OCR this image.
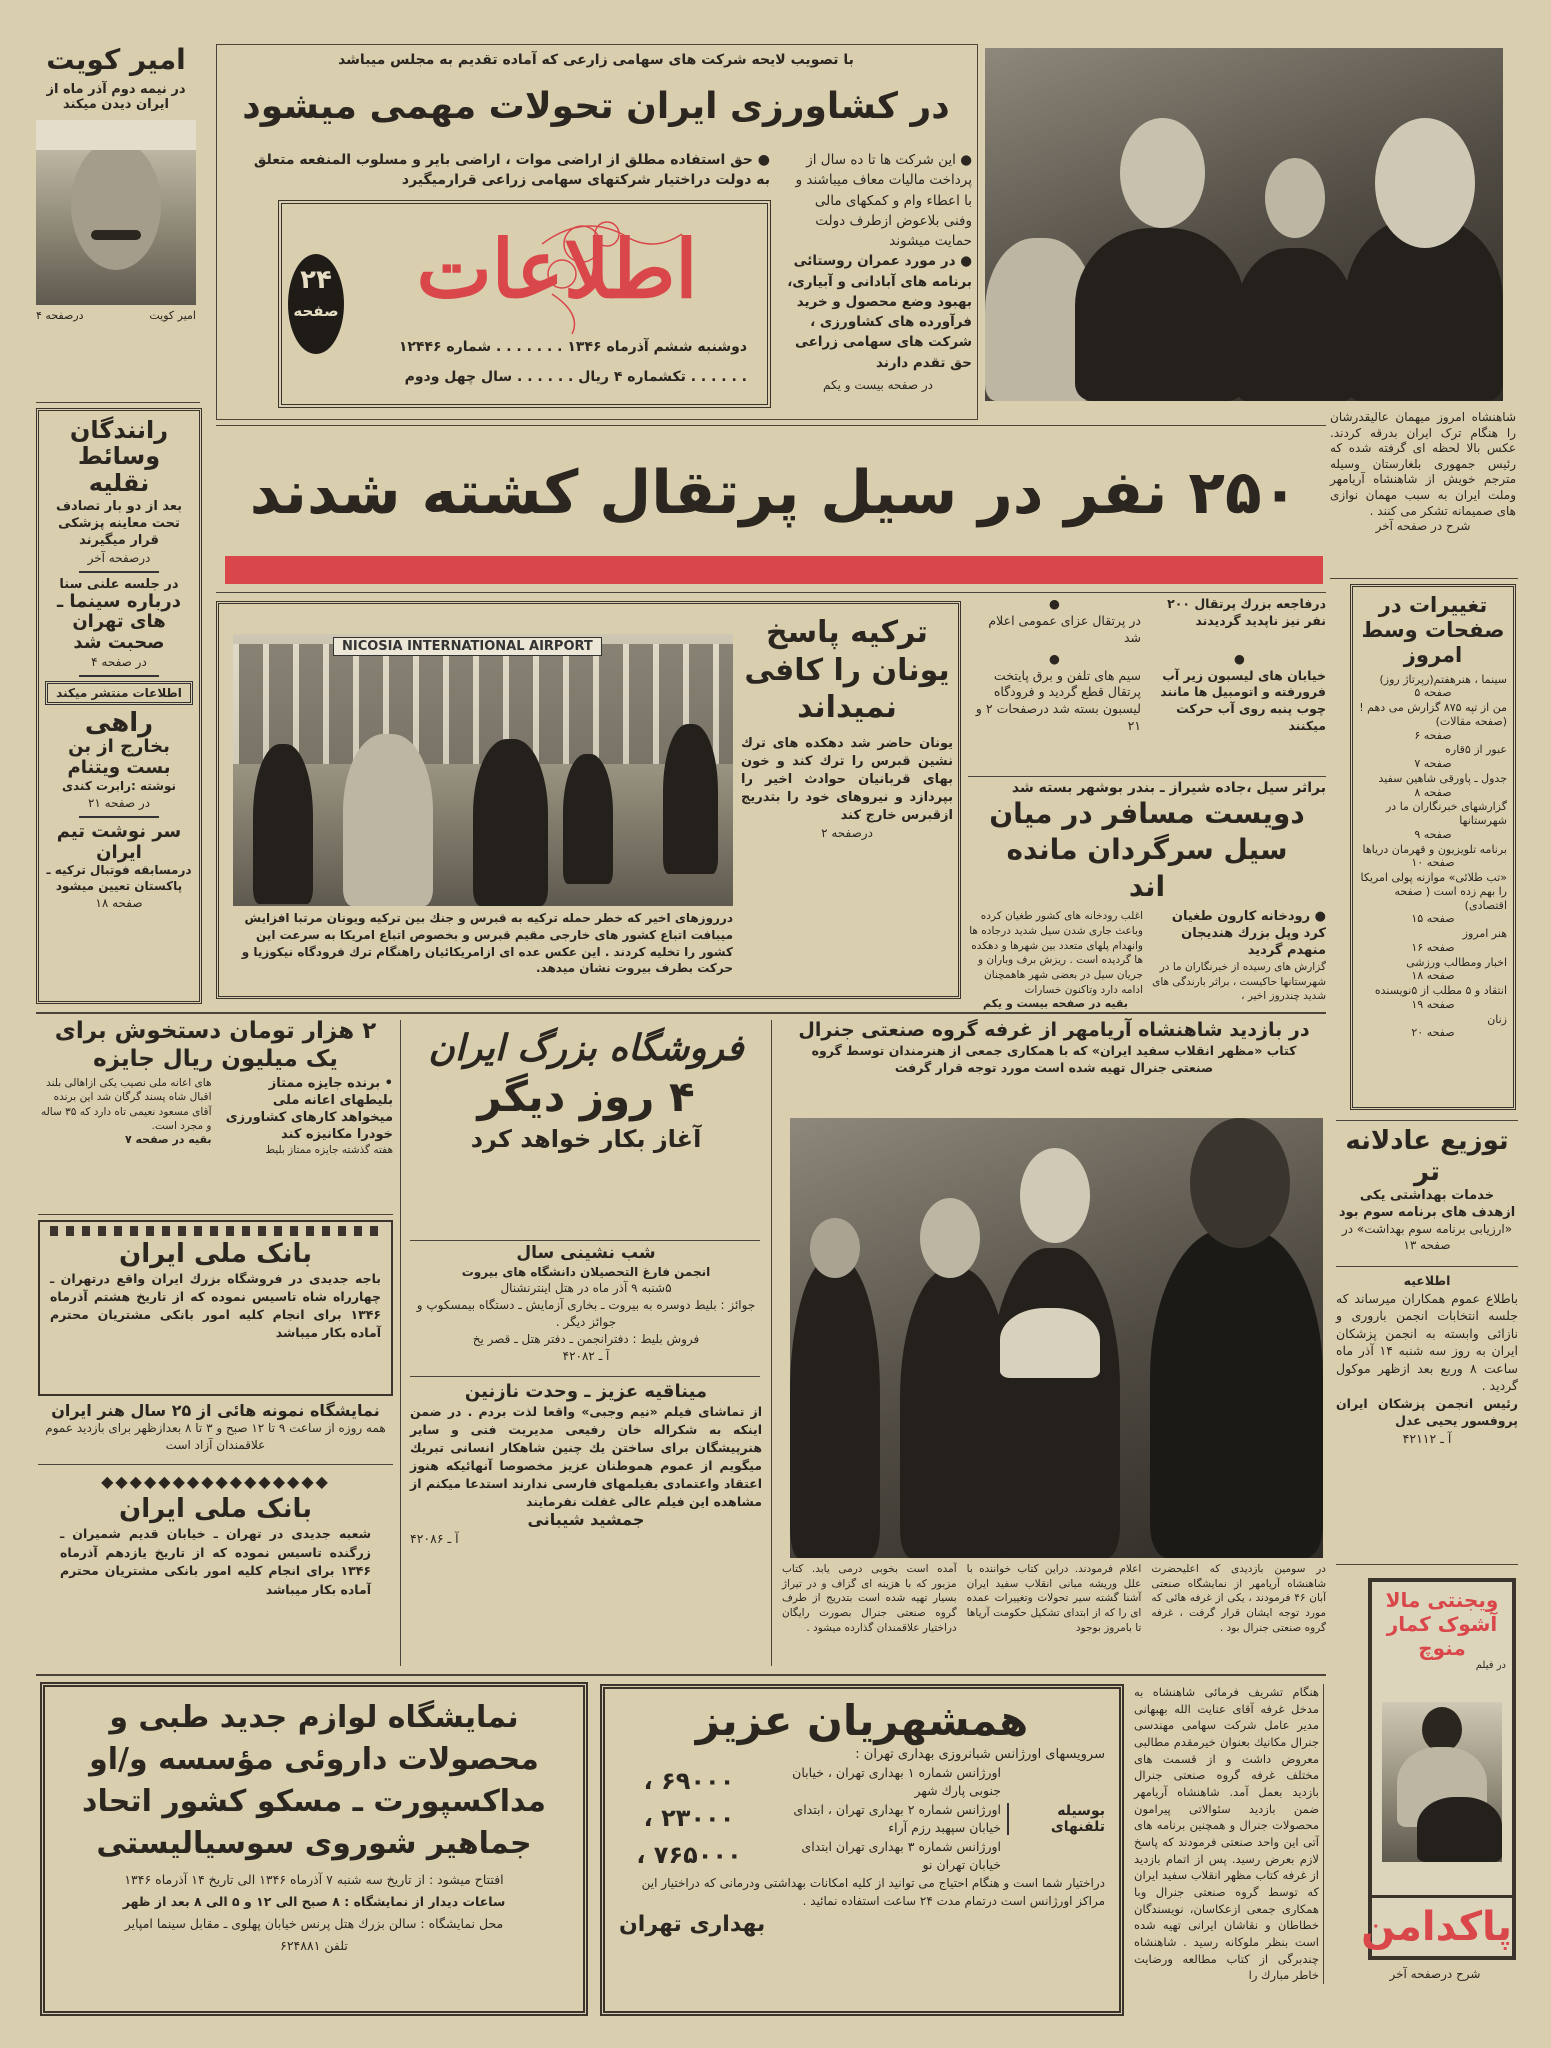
امیر کویت
در نیمه دوم آذر ماه از ایران دیدن میکند
امیر کویت
درصفحه ۴
رانندگان وسائط نقلیه
بعد از دو بار تصادف تحت معاینه پزشکی قرار میگیرند
درصفحه آخر
در جلسه علنی سنا
درباره سینما ـ های تهران صحبت شد
در صفحه ۴
اطلاعات منتشر میکند
راهی
بخارج از بن بست ویتنام
نوشته :رابرت کندی
در صفحه ۲۱
سر نوشت تیم ایران
درمسابقه فوتبال ترکیه ـ پاکستان تعیین میشود
صفحه ۱۸
با تصویب لایحه شرکت های سهامی زارعی که آماده تقدیم به مجلس میباشد
در کشاورزی ایران تحولات مهمی میشود
● حق استفاده مطلق از اراضی موات ، اراضی بایر و مسلوب المنفعه متعلق به دولت دراختیار شرکتهای سهامی زراعی قرارمیگیرد
● این شرکت ها تا ده سال از پرداخت مالیات معاف میباشند و با اعطاء وام و کمکهای مالی وفنی بلاعوض ازطرف دولت حمایت میشوند
● در مورد عمران روستائی برنامه های آبادانی و آبیاری، بهبود وضع محصول و خرید فرآورده های کشاورزی ، شرکت های سهامی زراعی حق تقدم دارند
در صفحه بیست و یکم
۲۴
صفحه اطلاعات
دوشنبه ششم آذرماه ۱۳۴۶ . . . . . . . شماره ۱۲۴۴۶
. . . . . . تکشماره ۴ ریال . . . . . . سال چهل ودوم
شاهنشاه امروز میهمان عالیقدرشان را هنگام ترک ایران بدرقه کردند. عکس بالا لحظه ای گرفته شده که رئیس جمهوری بلغارستان وسیله مترجم خویش از شاهنشاه آریامهر وملت ایران به سبب مهمان نوازی های صمیمانه تشکر می کنند .
شرح در صفحه آخر
۲۵۰ نفر در سیل پرتقال کشته شدند
NICOSIA INTERNATIONAL AIRPORT
درروزهای اخیر که خطر حمله ترکیه به قبرس و جنك بین ترکیه ویونان مرتبا افزایش میبافت اتباع کشور های خارجی مقیم قبرس و بخصوص اتباع امریکا به سرعت این کشور را تخلیه کردند . این عکس عده ای ازامریکائیان راهنگام ترك فرودگاه نیکوزیا و حرکت بطرف بیروت نشان میدهد.
ترکیه پاسخ یونان را کافی نمیداند
یونان حاضر شد دهکده های ترك نشین قبرس را ترك کند و خون بهای قربانیان حوادث اخیر را بپردازد و نیروهای خود را بتدریج ازقبرس خارج کند
درصفحه ۲
درفاجعه بزرك پرتقال ۲۰۰ نفر نیز ناپدید گردیدند
●
در پرتقال عزای عمومی اعلام شد
●
خیابان های لیسبون زیر آب فرورفته و اتومبیل ها مانند چوب پنبه روی آب حرکت میکنند
●
سیم های تلفن و برق پایتخت پرتقال قطع گردید و فرودگاه لیسبون بسته شد درصفحات ۲ و ۲۱
براثر سیل ،جاده شیراز ـ بندر بوشهر بسته شد
دویست مسافر در میان سیل سرگردان مانده اند
● رودخانه کارون طغیان کرد وپل بزرك هندیجان منهدم گردید
گزارش های رسیده از خبرنگاران ما در شهرستانها حاکیست ، براثر بارندگی های شدید چندروز اخیر ،
اغلب رودخانه های کشور طغیان کرده وباعث جاری شدن سیل شدید درجاده ها وانهدام پلهای متعدد بین شهرها و دهکده ها گردیده است . ریزش برف وباران و جریان سیل در بعضی شهر هاهمچنان ادامه دارد وتاکنون خسارات
بقیه در صفحه بیست و یکم
تغییرات در صفحات وسط امروز
سینما ، هنرهفتم(رپرتاژ روز)
صفحه ۵
من از تپه ۸۷۵ گزارش می دهم ! (صفحه مقالات)
صفحه ۶
عبور از ۵قاره
صفحه ۷
جدول ـ پاورقی شاهین سفید
صفحه ۸
گزارشهای خبرنگاران ما در شهرستانها
صفحه ۹
برنامه تلویزیون و قهرمان دریاها
صفحه ۱۰
«تب طلائی» موازنه پولی امریکا را بهم زده است ( صفحه اقتصادی)
صفحه ۱۵
هنر امروز
صفحه ۱۶
اخبار ومطالب ورزشی
صفحه ۱۸
انتقاد و ۵ مطلب از ۵نویسنده
صفحه ۱۹
زنان
صفحه ۲۰
توزیع عادلانه تر
خدمات بهداشتی یکی ازهدف های برنامه سوم بود
«ارزیابی برنامه سوم بهداشت» در صفحه ۱۳
اطلاعیه
باطلاع عموم همکاران میرساند که جلسه انتخابات انجمن باروری و نازائی وابسته به انجمن پزشکان ایران به روز سه شنبه ۱۴ آذر ماه ساعت ۸ وربع بعد ازظهر موکول گردید .
رئیس انجمن پزشکان ایران پروفسور یحیی عدل
آ ـ ۴۲۱۱۲
ویجنتی مالا
آشوک کمار
منوچ
در فیلم
پاکدامن
شرح درصفحه آخر
۲ هزار تومان دستخوش برای یک میلیون ریال جایزه
• برنده جایزه ممتاز بلیطهای اعانه ملی میخواهد کارهای کشاورزی خودرا مکانیزه کند
هفته گذشته جایزه ممتاز بلیط
های اعانه ملی نصیب یکی ازاهالی بلند اقبال شاه پسند گرگان شد این برنده آقای مسعود نعیمی تاه دارد که ۳۵ ساله و مجرد است.
بقیه در صفحه ۷
بانک ملی ایران
باجه جدیدی در فروشگاه بزرك ایران واقع درتهران ـ چهارراه شاه تاسیس نموده که از تاریخ هشتم آذرماه ۱۳۴۶ برای انجام کلیه امور بانکی مشتریان محترم آماده بکار میباشد
نمایشگاه نمونه هائی از ۲۵ سال هنر ایران
همه روزه از ساعت ۹ تا ۱۲ صبح و ۳ تا ۸ بعدازظهر برای بازدید عموم علاقمندان آزاد است
◆◆◆◆◆◆◆◆◆◆◆◆◆◆◆◆
بانک ملی ایران
شعبه جدیدی در تهران ـ خیابان قدیم شمیران ـ زرگنده تاسیس نموده که از تاریخ یازدهم آذرماه ۱۳۴۶ برای انجام کلیه امور بانکی مشتریان محترم آماده بکار میباشد
فروشگاه بزرگ ایران
۴ روز دیگر
آغاز بکار خواهد کرد
شب نشینی سال
انجمن فارغ التحصیلان دانشگاه های بیروت
۵شنبه ۹ آذر ماه در هتل اینترنشنال
جوائز : بلیط دوسره به بیروت ـ بخاری آزمایش ـ دستگاه بیمسکوپ و جوائز دیگر .
فروش بلیط : دفترانجمن ـ دفتر هتل ـ قصر یخ
آ ـ ۴۲۰۸۲
میناقیه عزیز ـ وحدت نازنین
از تماشای فیلم «نیم وجبی» واقعا لذت بردم . در ضمن اینکه به شکراله خان رفیعی مدیریت فنی و سایر هنرپیشگان برای ساختن یك چنین شاهکار انسانی تبریك میگویم از عموم هموطنان عزیز مخصوصا آنهائیکه هنوز اعتقاد واعتمادی بفیلمهای فارسی ندارند استدعا میکنم از مشاهده این فیلم عالی غفلت نفرمایند
جمشید شیبانی
آ ـ ۴۲۰۸۶
در بازدید شاهنشاه آریامهر از غرفه گروه صنعتی جنرال
کتاب «مظهر انقلاب سفید ایران» که با همکاری جمعی از هنرمندان توسط گروه صنعتی جنرال تهیه شده است مورد توجه قرار گرفت
در سومین بازدیدی که اعلیحضرت شاهنشاه آریامهر از نمایشگاه صنعتی آبان ۴۶ فرمودند ، یکی از غرفه هائی که مورد توجه ایشان قرار گرفت ، غرفه گروه صنعتی جنرال بود .
اعلام فرمودند. دراین کتاب خواننده با علل وریشه مبانی انقلاب سفید ایران آشنا گشته سیر تحولات وتغییرات عمده ای را که از ابتدای تشکیل حکومت آریاها تا بامروز بوجود
آمده است بخوبی درمی یابد. کتاب مزبور که با هزینه ای گزاف و در تیراژ بسیار تهیه شده است بتدریج از طرف گروه صنعتی جنرال بصورت رایگان دراختیار علاقمندان گذارده میشود .
هنگام تشریف فرمائی شاهنشاه به مدخل غرفه آقای عنایت الله بهبهانی مدیر عامل شرکت سهامی مهندسی جنرال مکانیك بعنوان خیرمقدم مطالبی معروض داشت و از قسمت های مختلف غرفه گروه صنعتی جنرال بازدید بعمل آمد. شاهنشاه آریامهر ضمن بازدید سئوالاتی پیرامون محصولات جنرال و همچنین برنامه های آتی این واحد صنعتی فرمودند که پاسخ لازم بعرض رسید. پس از اتمام بازدید از غرفه کتاب مظهر انقلاب سفید ایران که توسط گروه صنعتی جنرال وبا همکاری جمعی ازعکاسان، نویسندگان خطاطان و نقاشان ایرانی تهیه شده است بنظر ملوکانه رسید . شاهنشاه چندبرگی از کتاب مطالعه ورضایت خاطر مبارك را
نمایشگاه لوازم جدید طبی و محصولات داروئی مؤسسه و/او مداکسپورت ـ مسکو کشور اتحاد جماهیر شوروی سوسیالیستی
افتتاح میشود : از تاریخ سه شنبه ۷ آذرماه ۱۳۴۶ الی تاریخ ۱۴ آذرماه ۱۳۴۶
ساعات دیدار از نمایشگاه : ۸ صبح الی ۱۲ و ۵ الی ۸ بعد از ظهر
محل نمایشگاه : سالن بزرك هتل پرنس خیابان پهلوی ـ مقابل سینما امپایر
تلفن ۶۲۴۸۸۱
همشهریان عزیز
سرویسهای اورژانس شبانروزی بهداری تهران :
بوسیله تلفنهای
اورژانس شماره ۱ بهداری تهران ، خیابان جنوبی پارك شهر
۶۹۰۰۰ ،
اورژانس شماره ۲ بهداری تهران ، ابتدای خیابان سپهبد رزم آراء
۲۳۰۰۰ ،
اورژانس شماره ۳ بهداری تهران ابتدای خیابان تهران نو
۷۶۵۰۰۰ ،
دراختیار شما است و هنگام احتیاج می توانید از کلیه امکانات بهداشتی ودرمانی که دراختیار این مراکز اورژانس است درتمام مدت ۲۴ ساعت استفاده نمائید .
بهداری تهران
